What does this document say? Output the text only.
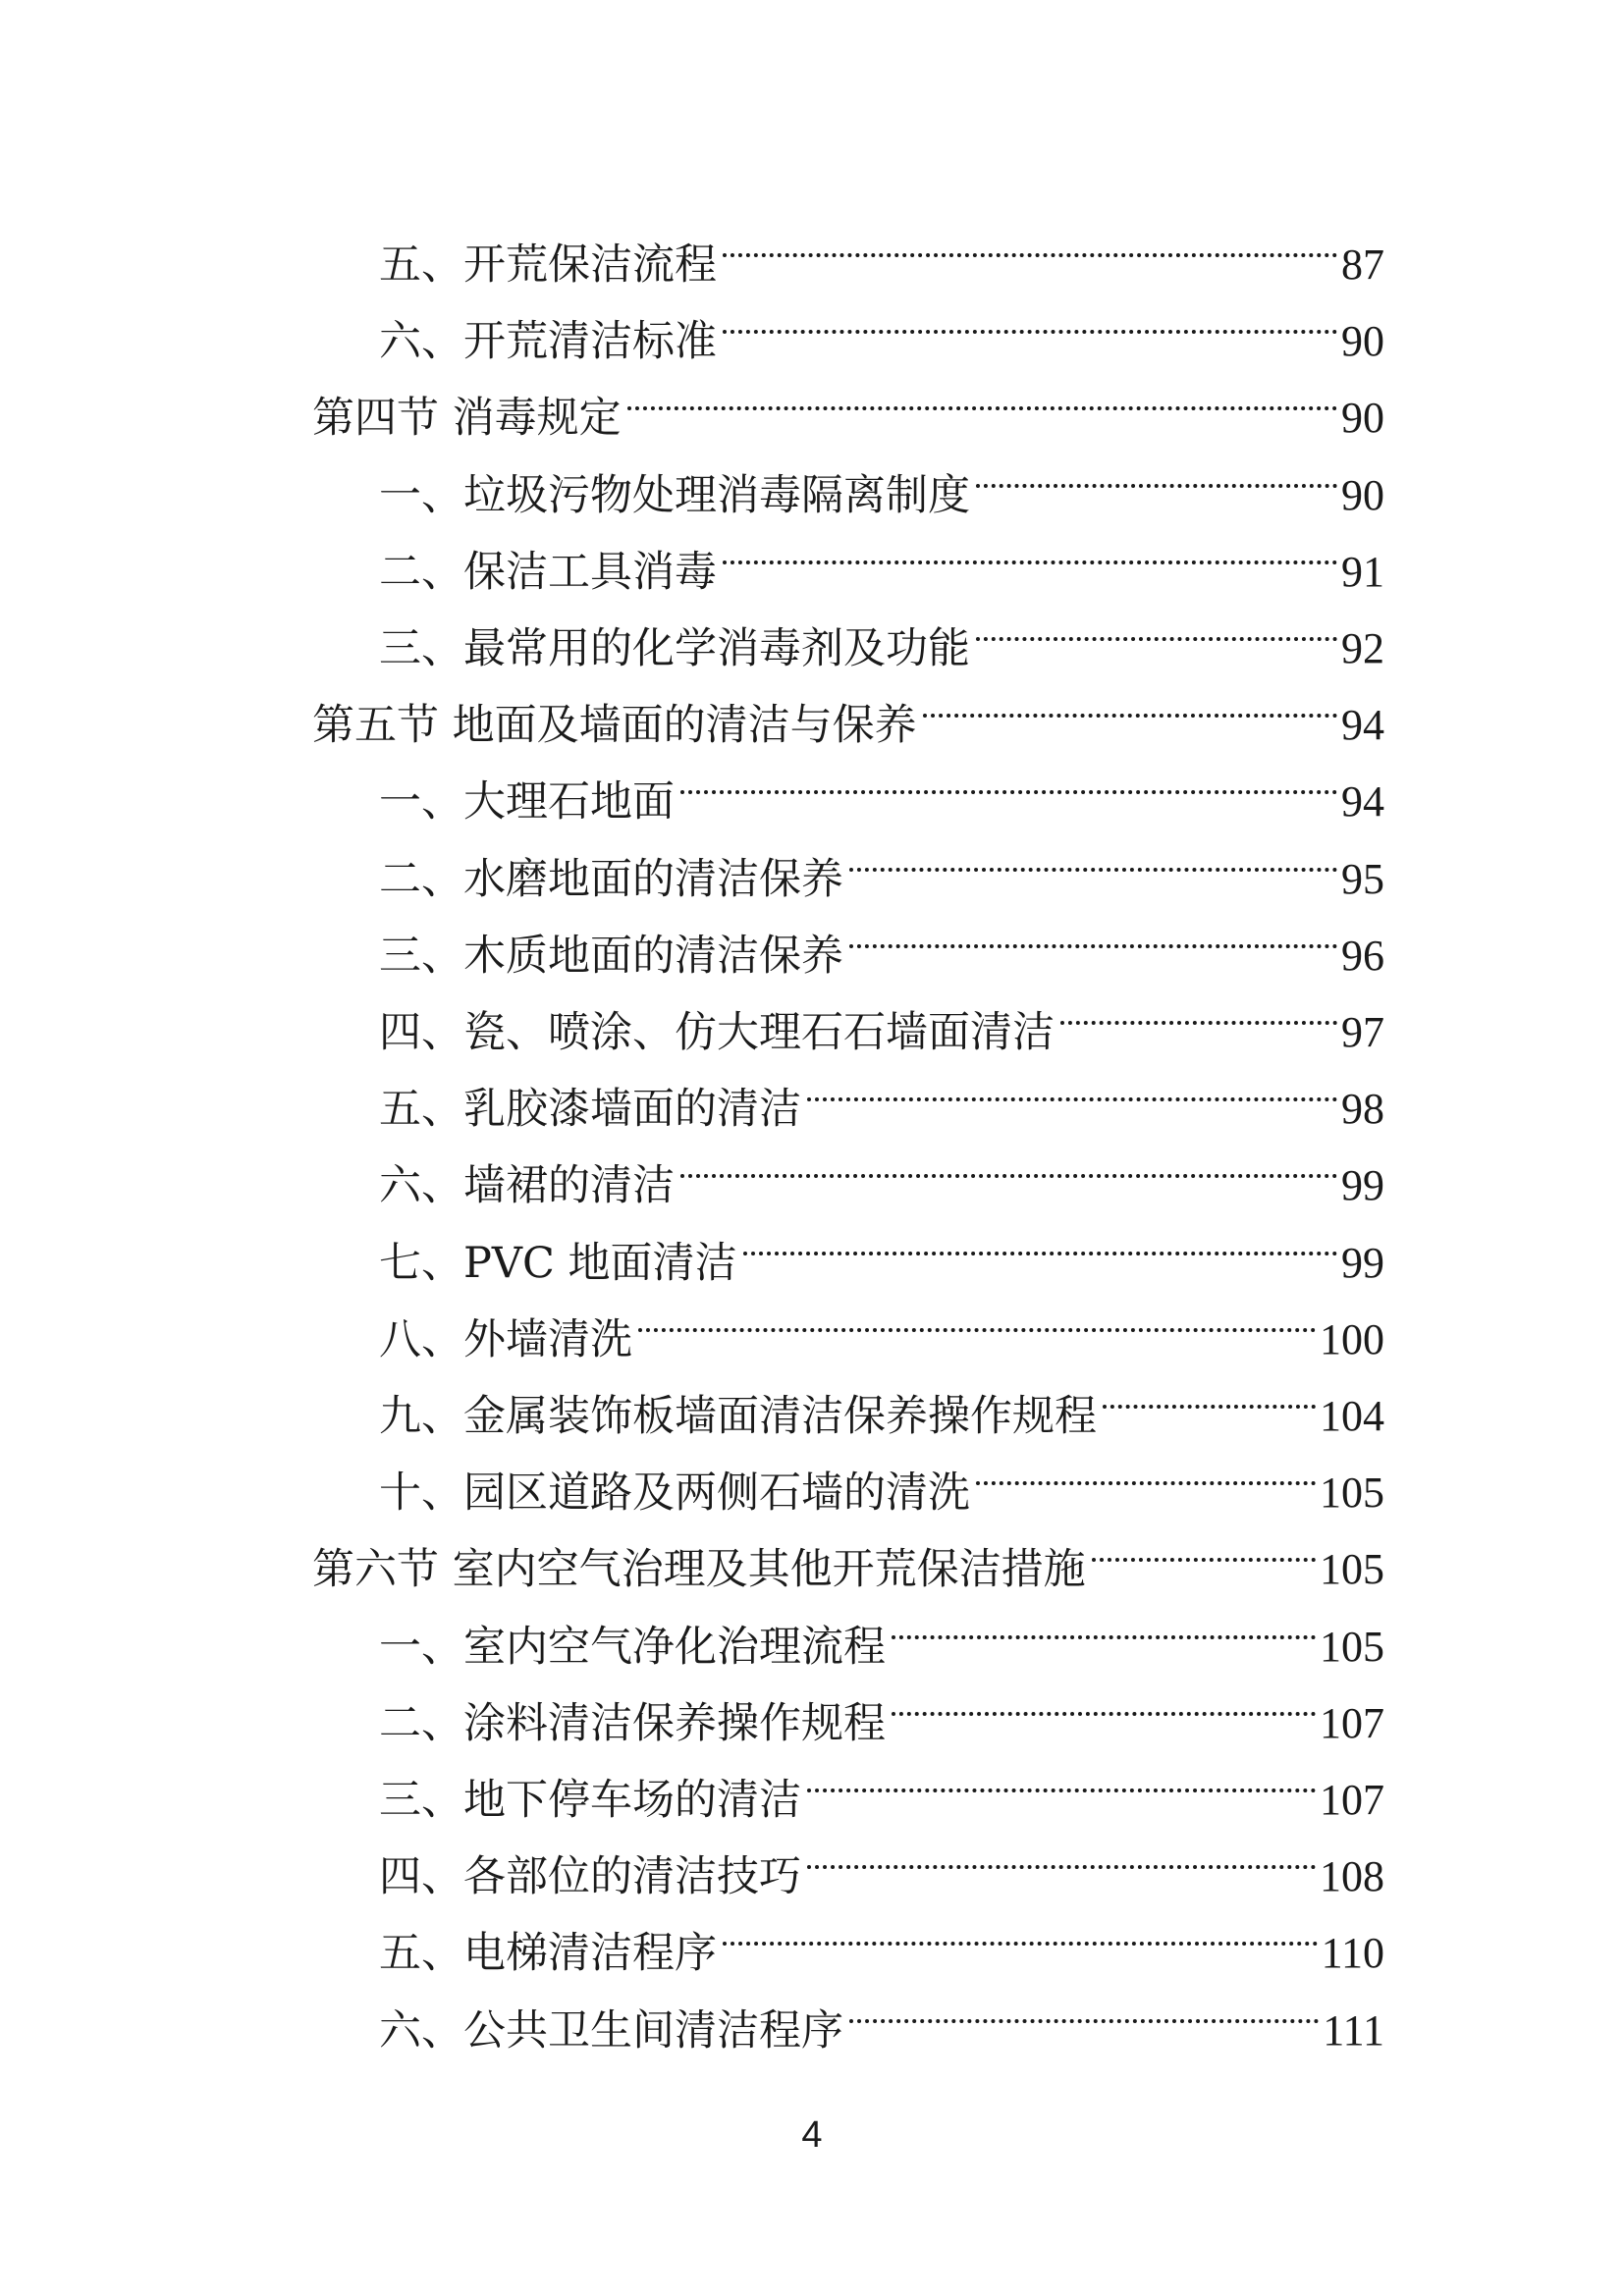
五、开荒保洁流程	87
六、开荒清洁标准	90
第四节 消毒规定	90
一、垃圾污物处理消毒隔离制度	90
二、保洁工具消毒	91
三、最常用的化学消毒剂及功能	92
第五节 地面及墙面的清洁与保养	94
一、大理石地面	94
二、水磨地面的清洁保养	95
三、木质地面的清洁保养	96
四、瓷、喷涂、仿大理石石墙面清洁	97
五、乳胶漆墙面的清洁	98
六、墙裙的清洁	99
七、PVC 地面清洁	99
八、外墙清洗	100
九、金属装饰板墙面清洁保养操作规程	104
十、园区道路及两侧石墙的清洗	105
第六节 室内空气治理及其他开荒保洁措施	105
一、室内空气净化治理流程	105
二、涂料清洁保养操作规程	107
三、地下停车场的清洁	107
四、各部位的清洁技巧	108
五、电梯清洁程序	110
六、公共卫生间清洁程序	111
4
